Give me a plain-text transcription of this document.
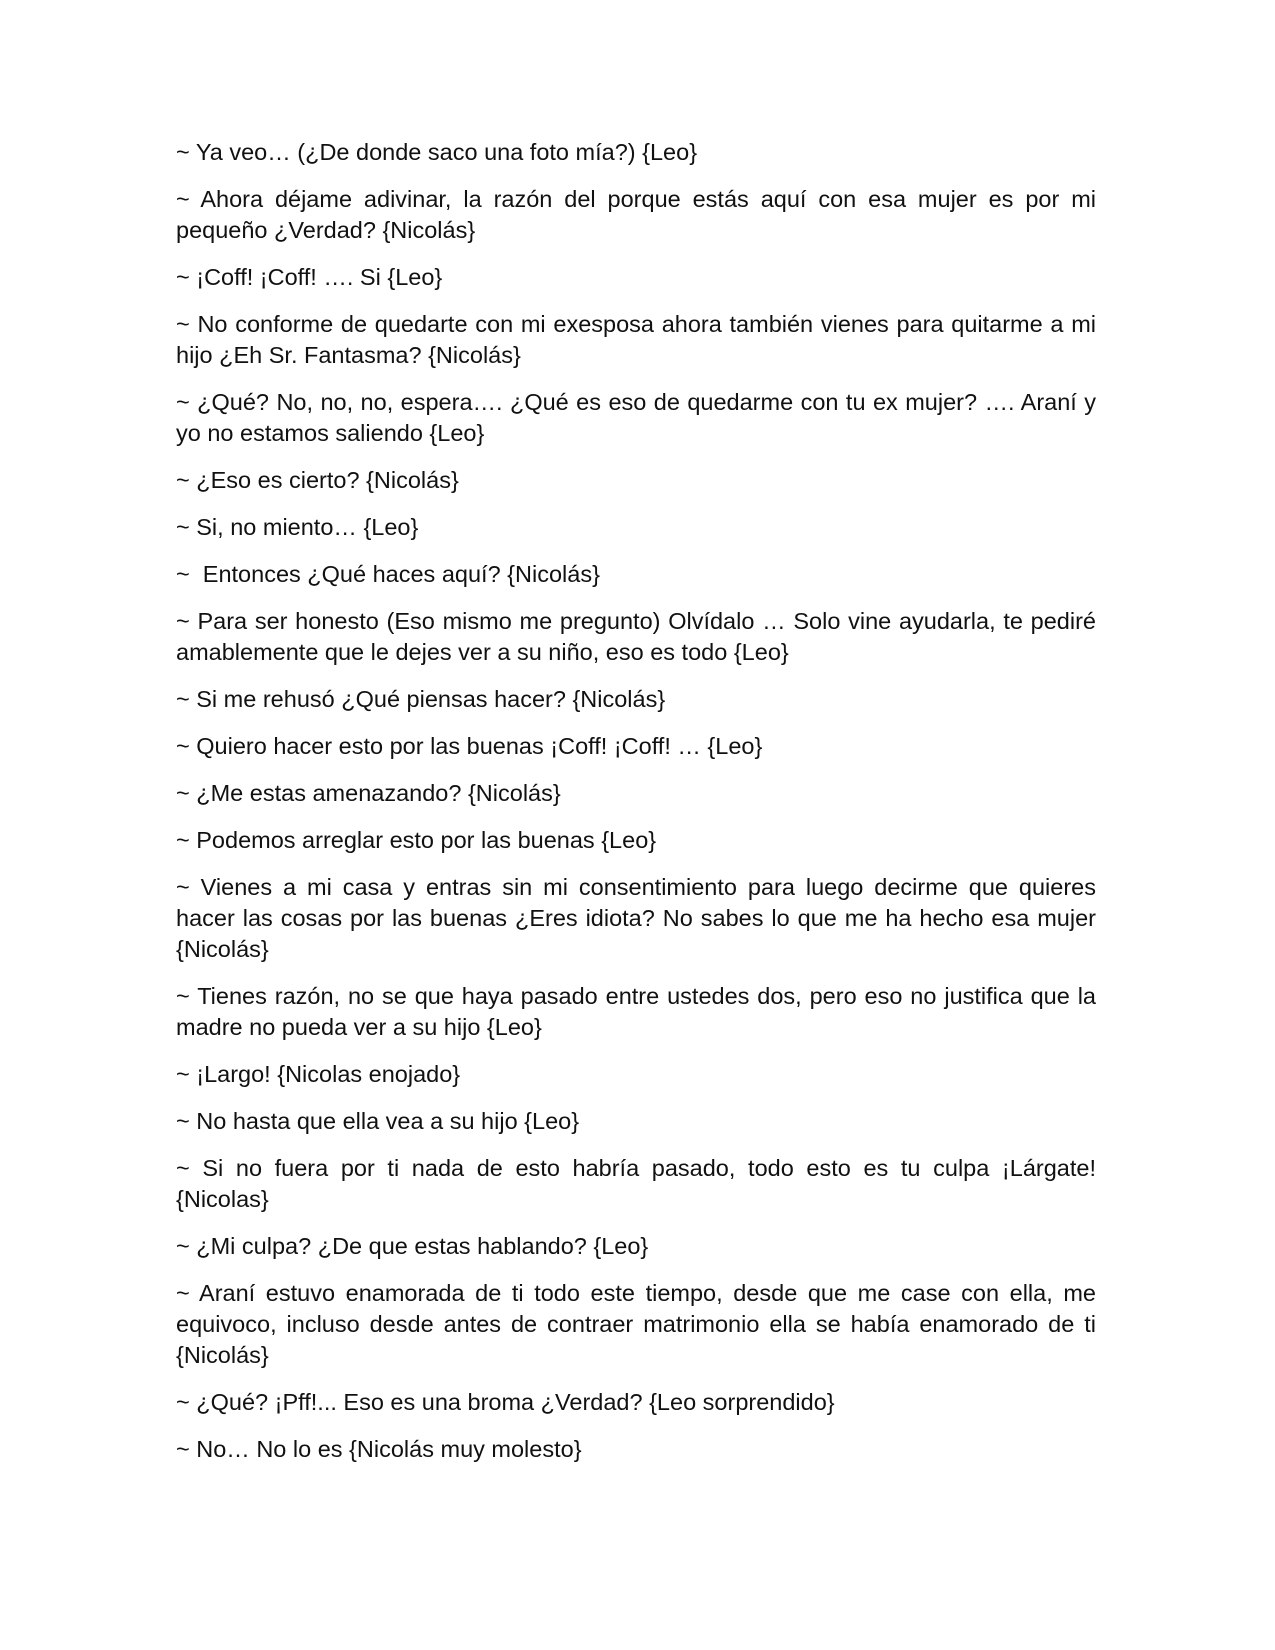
~ Ya veo… (¿De donde saco una foto mía?) {Leo}

~ Ahora déjame adivinar, la razón del porque estás aquí con esa mujer es por mi pequeño ¿Verdad? {Nicolás}

~ ¡Coff! ¡Coff! …. Si {Leo}

~ No conforme de quedarte con mi exesposa ahora también vienes para quitarme a mi hijo ¿Eh Sr. Fantasma? {Nicolás}

~ ¿Qué? No, no, no, espera…. ¿Qué es eso de quedarme con tu ex mujer? …. Araní y yo no estamos saliendo {Leo}

~ ¿Eso es cierto? {Nicolás}

~ Si, no miento… {Leo}

~  Entonces ¿Qué haces aquí? {Nicolás}

~ Para ser honesto (Eso mismo me pregunto) Olvídalo … Solo vine ayudarla, te pediré amablemente que le dejes ver a su niño, eso es todo {Leo}

~ Si me rehusó ¿Qué piensas hacer? {Nicolás}

~ Quiero hacer esto por las buenas ¡Coff! ¡Coff! … {Leo}

~ ¿Me estas amenazando? {Nicolás}

~ Podemos arreglar esto por las buenas {Leo}

~ Vienes a mi casa y entras sin mi consentimiento para luego decirme que quieres hacer las cosas por las buenas ¿Eres idiota? No sabes lo que me ha hecho esa mujer {Nicolás}

~ Tienes razón, no se que haya pasado entre ustedes dos, pero eso no justifica que la madre no pueda ver a su hijo {Leo}

~ ¡Largo! {Nicolas enojado}

~ No hasta que ella vea a su hijo {Leo}

~ Si no fuera por ti nada de esto habría pasado, todo esto es tu culpa ¡Lárgate! {Nicolas}

~ ¿Mi culpa? ¿De que estas hablando? {Leo}

~ Araní estuvo enamorada de ti todo este tiempo, desde que me case con ella, me equivoco, incluso desde antes de contraer matrimonio ella se había enamorado de ti {Nicolás}

~ ¿Qué? ¡Pff!... Eso es una broma ¿Verdad? {Leo sorprendido}

~ No… No lo es {Nicolás muy molesto}
